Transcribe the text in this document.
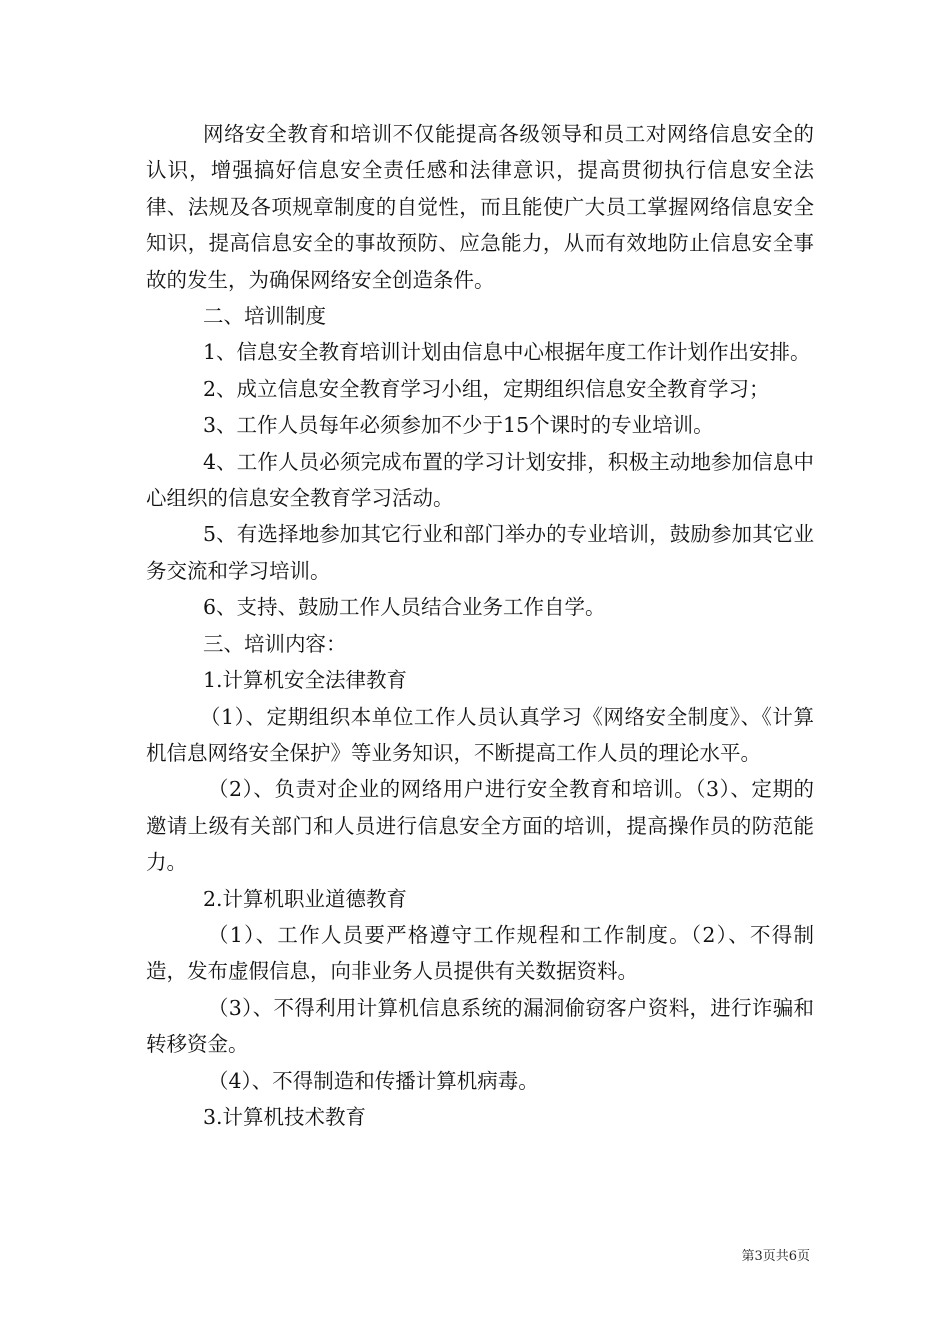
网络安全教育和培训不仅能提高各级领导和员工对网络信息安全的认识，增强搞好信息安全责任感和法律意识，提高贯彻执行信息安全法律、法规及各项规章制度的自觉性，而且能使广大员工掌握网络信息安全知识，提高信息安全的事故预防、应急能力，从而有效地防止信息安全事故的发生，为确保网络安全创造条件。

二、培训制度

1、信息安全教育培训计划由信息中心根据年度工作计划作出安排。

2、成立信息安全教育学习小组，定期组织信息安全教育学习；

3、工作人员每年必须参加不少于15个课时的专业培训。

4、工作人员必须完成布置的学习计划安排，积极主动地参加信息中心组织的信息安全教育学习活动。

5、有选择地参加其它行业和部门举办的专业培训，鼓励参加其它业务交流和学习培训。

6、支持、鼓励工作人员结合业务工作自学。

三、培训内容：

1.计算机安全法律教育

（1）、定期组织本单位工作人员认真学习《网络安全制度》、《计算机信息网络安全保护》等业务知识，不断提高工作人员的理论水平。

（2）、负责对企业的网络用户进行安全教育和培训。（3）、定期的邀请上级有关部门和人员进行信息安全方面的培训，提高操作员的防范能力。

2.计算机职业道德教育

（1）、工作人员要严格遵守工作规程和工作制度。（2）、不得制造，发布虚假信息，向非业务人员提供有关数据资料。

（3）、不得利用计算机信息系统的漏洞偷窃客户资料，进行诈骗和转移资金。

（4）、不得制造和传播计算机病毒。

3.计算机技术教育

第3页共6页
